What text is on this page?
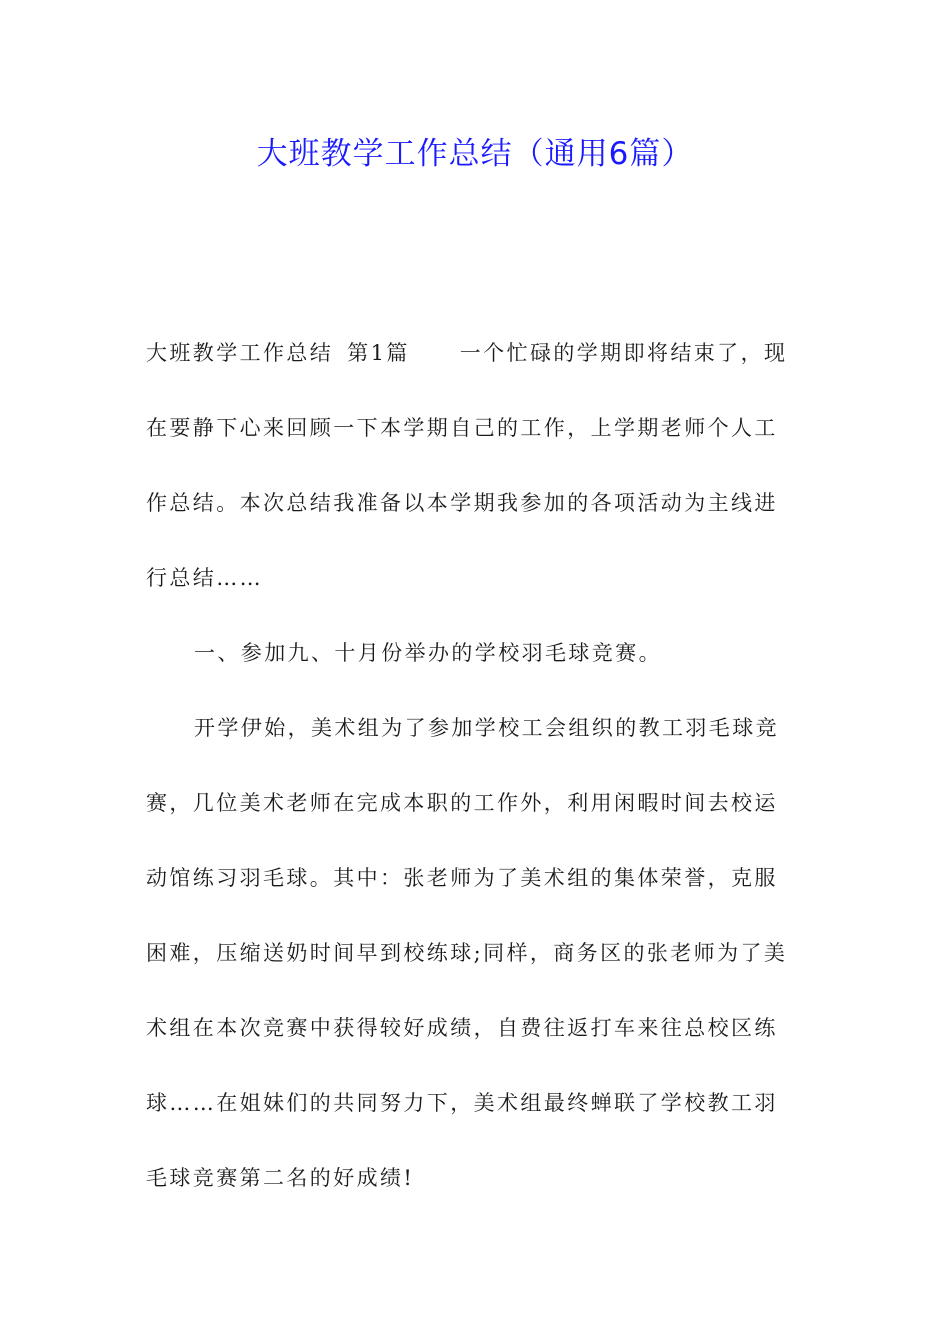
大班教学工作总结（通用6篇）

大班教学工作总结 第1篇 一个忙碌的学期即将结束了，现
在要静下心来回顾一下本学期自己的工作，上学期老师个人工
作总结。本次总结我准备以本学期我参加的各项活动为主线进
行总结……

一、参加九、十月份举办的学校羽毛球竞赛。

开学伊始，美术组为了参加学校工会组织的教工羽毛球竞
赛，几位美术老师在完成本职的工作外，利用闲暇时间去校运
动馆练习羽毛球。其中：张老师为了美术组的集体荣誉，克服
困难，压缩送奶时间早到校练球;同样，商务区的张老师为了美
术组在本次竞赛中获得较好成绩，自费往返打车来往总校区练
球……在姐妹们的共同努力下，美术组最终蝉联了学校教工羽
毛球竞赛第二名的好成绩!
